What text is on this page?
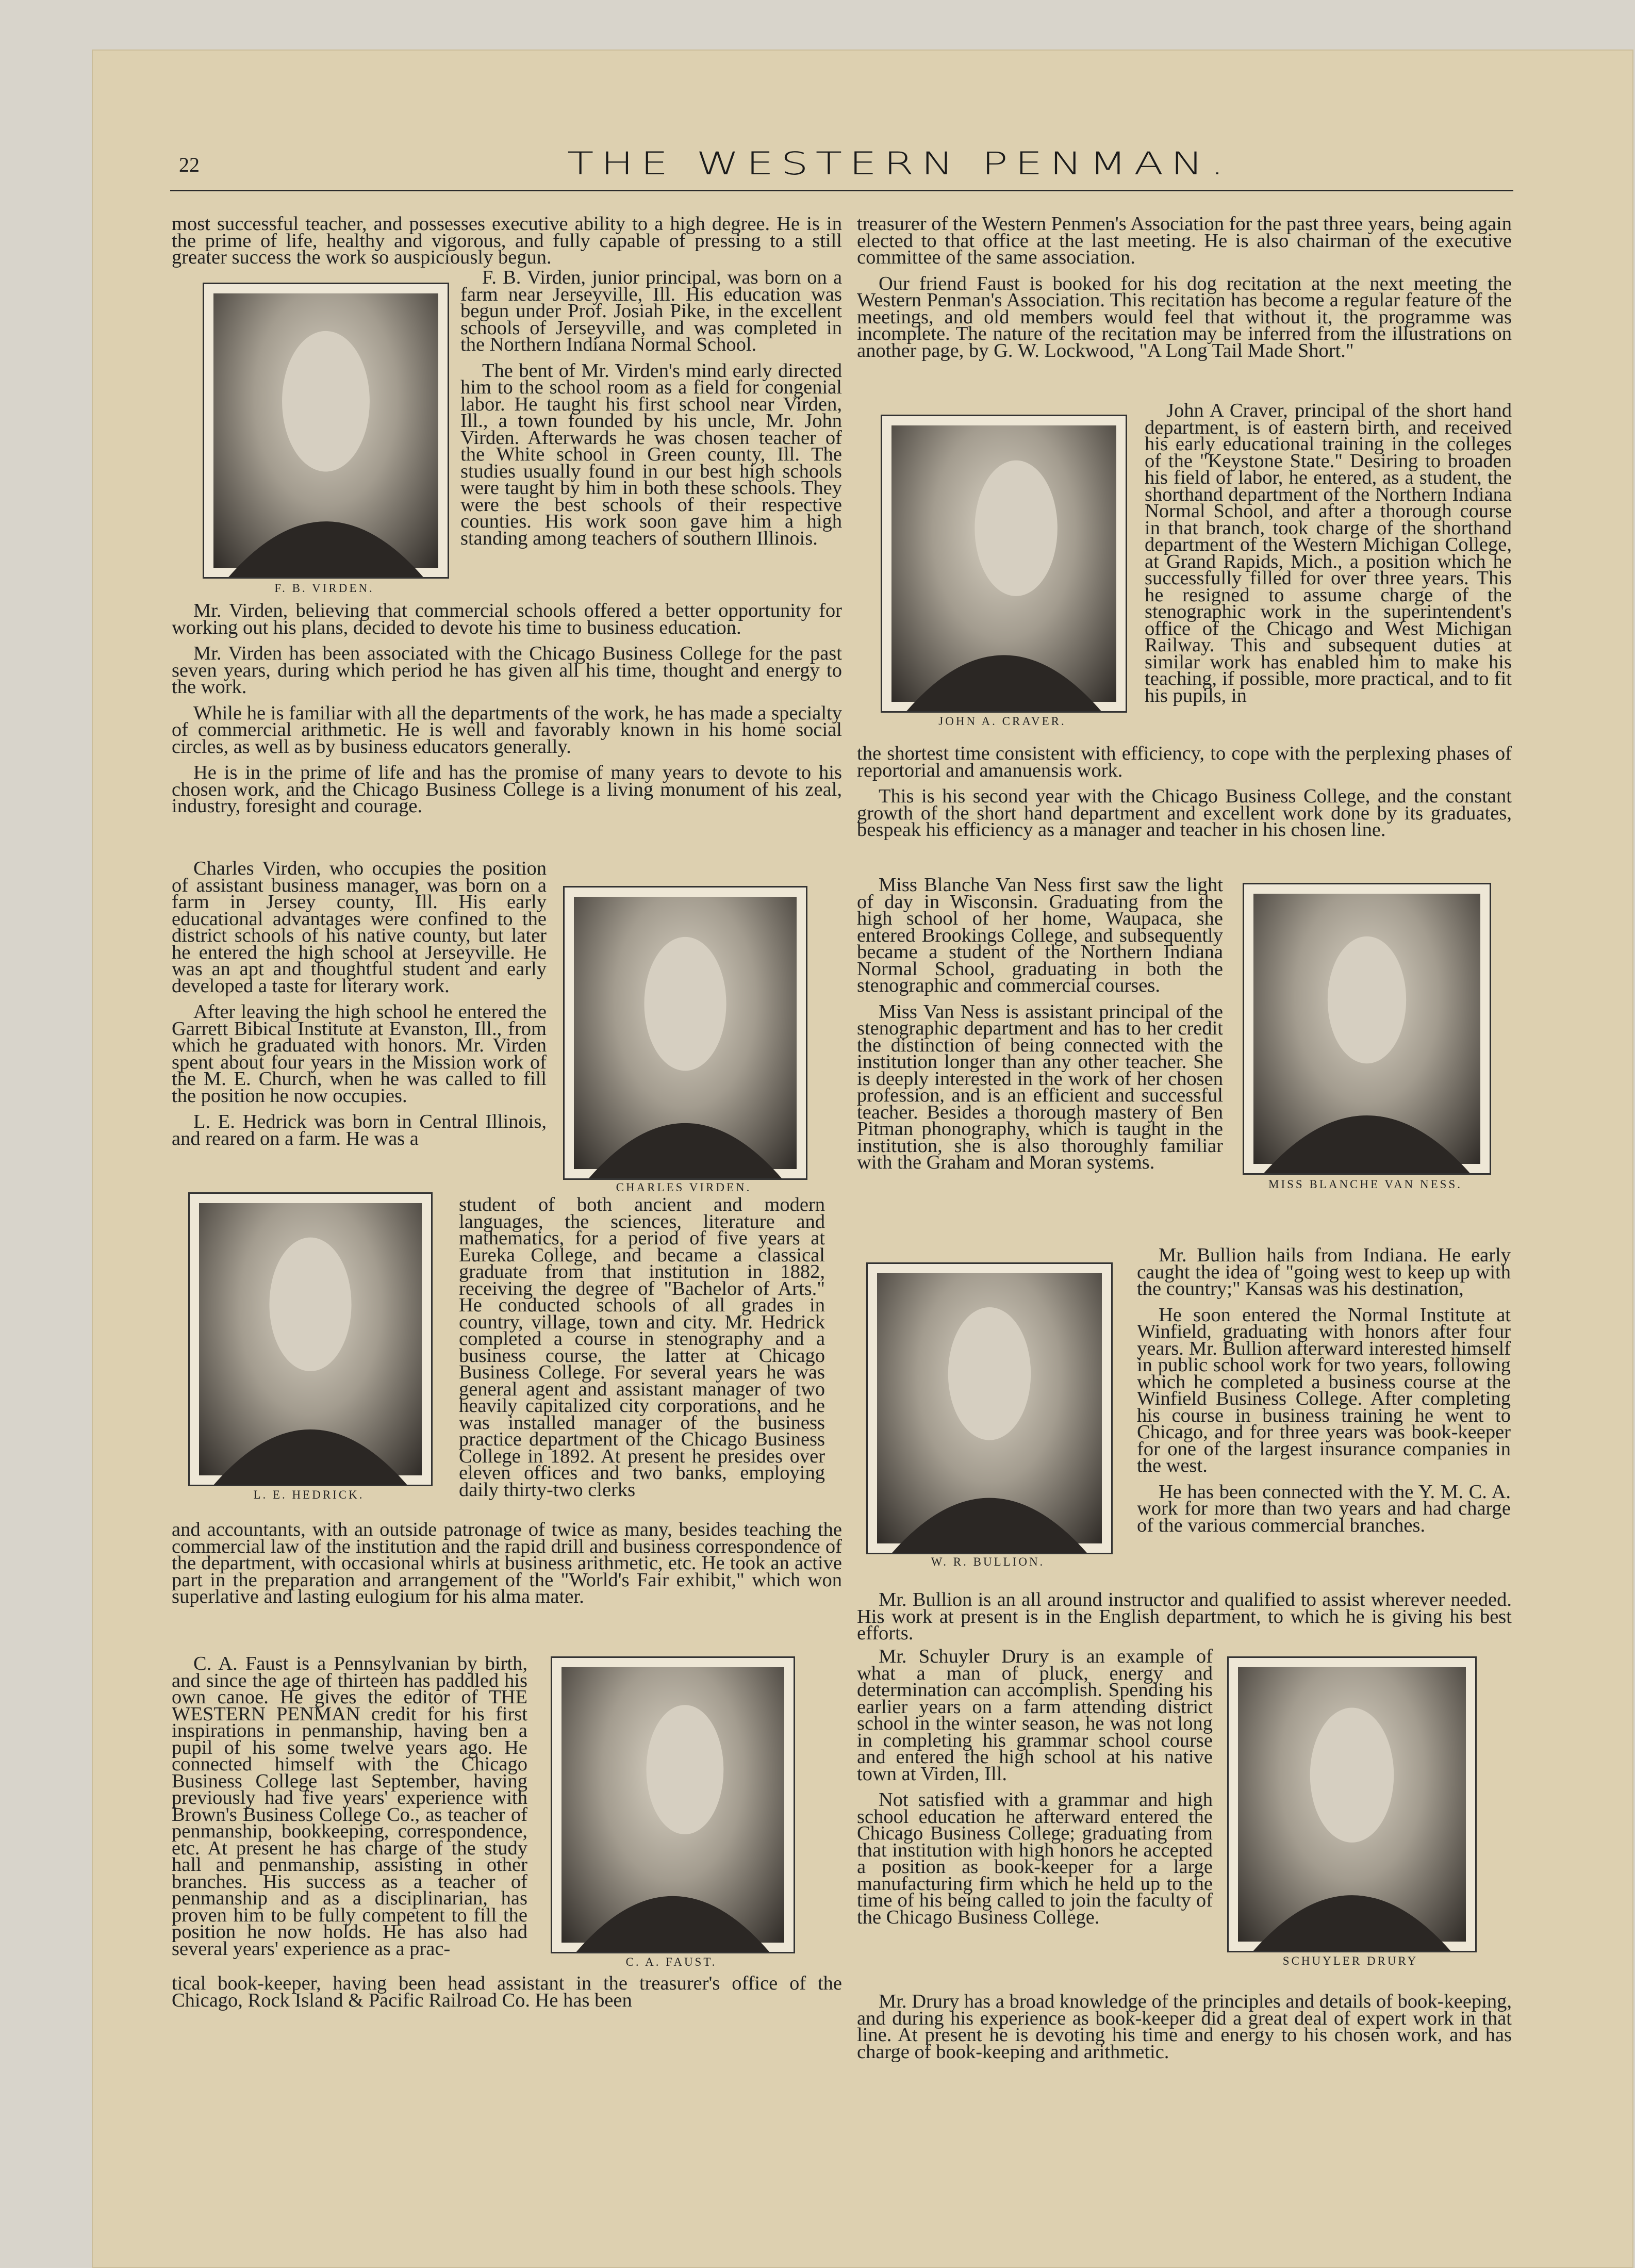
22	THE WESTERN PENMAN.

most successful teacher, and possesses executive ability to a high degree. He is in the prime of life, healthy and vigorous, and fully capable of pressing to a still greater success the work so auspiciously begun.

F. B. VIRDEN.

F. B. Virden, junior principal, was born on a farm near Jerseyville, Ill. His education was begun under Prof. Josiah Pike, in the excellent schools of Jerseyville, and was completed in the Northern Indiana Normal School.

The bent of Mr. Virden's mind early directed him to the school room as a field for congenial labor. He taught his first school near Virden, Ill., a town founded by his uncle, Mr. John Virden. Afterwards he was chosen teacher of the White school in Green county, Ill. The studies usually found in our best high schools were taught by him in both these schools. They were the best schools of their respective counties. His work soon gave him a high standing among teachers of southern Illinois.

Mr. Virden, believing that commercial schools offered a better opportunity for working out his plans, decided to devote his time to business education.

Mr. Virden has been associated with the Chicago Business College for the past seven years, during which period he has given all his time, thought and energy to the work.

While he is familiar with all the departments of the work, he has made a specialty of commercial arithmetic. He is well and favorably known in his home social circles, as well as by business educators generally.

He is in the prime of life and has the promise of many years to devote to his chosen work, and the Chicago Business College is a living monument of his zeal, industry, foresight and courage.

Charles Virden, who occupies the position of assistant business manager, was born on a farm in Jersey county, Ill. His early educational advantages were confined to the district schools of his native county, but later he entered the high school at Jerseyville. He was an apt and thoughtful student and early developed a taste for literary work.

After leaving the high school he entered the Garrett Bibical Institute at Evanston, Ill., from which he graduated with honors. Mr. Virden spent about four years in the Mission work of the M. E. Church, when he was called to fill the position he now occupies.

L. E. Hedrick was born in Central Illinois, and reared on a farm. He was a

CHARLES VIRDEN.
L. E. HEDRICK.

student of both ancient and modern languages, the sciences, literature and mathematics, for a period of five years at Eureka College, and became a classical graduate from that institution in 1882, receiving the degree of "Bachelor of Arts." He conducted schools of all grades in country, village, town and city. Mr. Hedrick completed a course in stenography and a business course, the latter at Chicago Business College. For several years he was general agent and assistant manager of two heavily capitalized city corporations, and he was installed manager of the business practice department of the Chicago Business College in 1892. At present he presides over eleven offices and two banks, employing daily thirty-two clerks

and accountants, with an outside patronage of twice as many, besides teaching the commercial law of the institution and the rapid drill and business correspondence of the department, with occasional whirls at business arithmetic, etc. He took an active part in the preparation and arrangement of the "World's Fair exhibit," which won superlative and lasting eulogium for his alma mater.

C. A. Faust is a Pennsylvanian by birth, and since the age of thirteen has paddled his own canoe. He gives the editor of THE WESTERN PENMAN credit for his first inspirations in penmanship, having ben a pupil of his some twelve years ago. He connected himself with the Chicago Business College last September, having previously had five years' experience with Brown's Business College Co., as teacher of penmanship, bookkeeping, correspondence, etc. At present he has charge of the study hall and penmanship, assisting in other branches. His success as a teacher of penmanship and as a disciplinarian, has proven him to be fully competent to fill the position he now holds. He has also had several years' experience as a prac-

C. A. FAUST.

tical book-keeper, having been head assistant in the treasurer's office of the Chicago, Rock Island & Pacific Railroad Co. He has been

treasurer of the Western Penmen's Association for the past three years, being again elected to that office at the last meeting. He is also chairman of the executive committee of the same association.

Our friend Faust is booked for his dog recitation at the next meeting the Western Penman's Association. This recitation has become a regular feature of the meetings, and old members would feel that without it, the programme was incomplete. The nature of the recitation may be inferred from the illustrations on another page, by G. W. Lockwood, "A Long Tail Made Short."

JOHN A. CRAVER.

John A Craver, principal of the short hand department, is of eastern birth, and received his early educational training in the colleges of the "Keystone State." Desiring to broaden his field of labor, he entered, as a student, the shorthand department of the Northern Indiana Normal School, and after a thorough course in that branch, took charge of the shorthand department of the Western Michigan College, at Grand Rapids, Mich., a position which he successfully filled for over three years. This he resigned to assume charge of the stenographic work in the superintendent's office of the Chicago and West Michigan Railway. This and subsequent duties at similar work has enabled him to make his teaching, if possible, more practical, and to fit his pupils, in

the shortest time consistent with efficiency, to cope with the perplexing phases of reportorial and amanuensis work.

This is his second year with the Chicago Business College, and the constant growth of the short hand department and excellent work done by its graduates, bespeak his efficiency as a manager and teacher in his chosen line.

Miss Blanche Van Ness first saw the light of day in Wisconsin. Graduating from the high school of her home, Waupaca, she entered Brookings College, and subsequently became a student of the Northern Indiana Normal School, graduating in both the stenographic and commercial courses.

Miss Van Ness is assistant principal of the stenographic department and has to her credit the distinction of being connected with the institution longer than any other teacher. She is deeply interested in the work of her chosen profession, and is an efficient and successful teacher. Besides a thorough mastery of Ben Pitman phonography, which is taught in the institution, she is also thoroughly familiar with the Graham and Moran systems.

MISS BLANCHE VAN NESS.
W. R. BULLION.

Mr. Bullion hails from Indiana. He early caught the idea of "going west to keep up with the country;" Kansas was his destination,

He soon entered the Normal Institute at Winfield, graduating with honors after four years. Mr. Bullion afterward interested himself in public school work for two years, following which he completed a business course at the Winfield Business College. After completing his course in business training he went to Chicago, and for three years was book-keeper for one of the largest insurance companies in the west.

He has been connected with the Y. M. C. A. work for more than two years and had charge of the various commercial branches.

Mr. Bullion is an all around instructor and qualified to assist wherever needed. His work at present is in the English department, to which he is giving his best efforts.

Mr. Schuyler Drury is an example of what a man of pluck, energy and determination can accomplish. Spending his earlier years on a farm attending district school in the winter season, he was not long in completing his grammar school course and entered the high school at his native town at Virden, Ill.

Not satisfied with a grammar and high school education he afterward entered the Chicago Business College; graduating from that institution with high honors he accepted a position as book-keeper for a large manufacturing firm which he held up to the time of his being called to join the faculty of the Chicago Business College.

SCHUYLER DRURY

Mr. Drury has a broad knowledge of the principles and details of book-keeping, and during his experience as book-keeper did a great deal of expert work in that line. At present he is devoting his time and energy to his chosen work, and has charge of book-keeping and arithmetic.
